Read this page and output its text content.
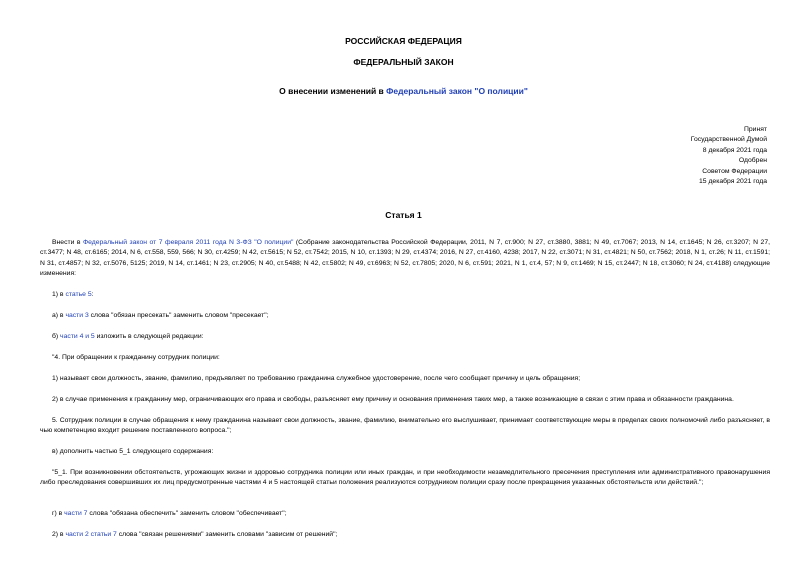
РОССИЙСКАЯ ФЕДЕРАЦИЯ
ФЕДЕРАЛЬНЫЙ ЗАКОН
О внесении изменений в Федеральный закон "О полиции"
Принят
Государственной Думой
8 декабря 2021 года
Одобрен
Советом Федерации
15 декабря 2021 года
Статья 1
Внести в Федеральный закон от 7 февраля 2011 года N 3-ФЗ "О полиции" (Собрание законодательства Российской Федерации, 2011, N 7, ст.900; N 27, ст.3880, 3881; N 49, ст.7067; 2013, N 14, ст.1645; N 26, ст.3207; N 27, ст.3477; N 48, ст.6165; 2014, N 6, ст.558, 559, 566; N 30, ст.4259; N 42, ст.5615; N 52, ст.7542; 2015, N 10, ст.1393; N 29, ст.4374; 2016, N 27, ст.4160, 4238; 2017, N 22, ст.3071; N 31, ст.4821; N 50, ст.7562; 2018, N 1, ст.26; N 11, ст.1591; N 31, ст.4857; N 32, ст.5076, 5125; 2019, N 14, ст.1461; N 23, ст.2905; N 40, ст.5488; N 42, ст.5802; N 49, ст.6963; N 52, ст.7805; 2020, N 6, ст.591; 2021, N 1, ст.4, 57; N 9, ст.1469; N 15, ст.2447; N 18, ст.3060; N 24, ст.4188) следующие изменения:
1) в статье 5:
а) в части 3 слова "обязан пресекать" заменить словом "пресекает";
б) части 4 и 5 изложить в следующей редакции:
"4. При обращении к гражданину сотрудник полиции:
1) называет свои должность, звание, фамилию, предъявляет по требованию гражданина служебное удостоверение, после чего сообщает причину и цель обращения;
2) в случае применения к гражданину мер, ограничивающих его права и свободы, разъясняет ему причину и основания применения таких мер, а также возникающие в связи с этим права и обязанности гражданина.
5. Сотрудник полиции в случае обращения к нему гражданина называет свои должность, звание, фамилию, внимательно его выслушивает, принимает соответствующие меры в пределах своих полномочий либо разъясняет, в чью компетенцию входит решение поставленного вопроса.";
в) дополнить частью 5_1 следующего содержания:
"5_1. При возникновении обстоятельств, угрожающих жизни и здоровью сотрудника полиции или иных граждан, и при необходимости незамедлительного пресечения преступления или административного правонарушения либо преследования совершивших их лиц предусмотренные частями 4 и 5 настоящей статьи положения реализуются сотрудником полиции сразу после прекращения указанных обстоятельств или действий.";
г) в части 7 слова "обязана обеспечить" заменить словом "обеспечивает";
2) в части 2 статьи 7 слова "связан решениями" заменить словами "зависим от решений";
